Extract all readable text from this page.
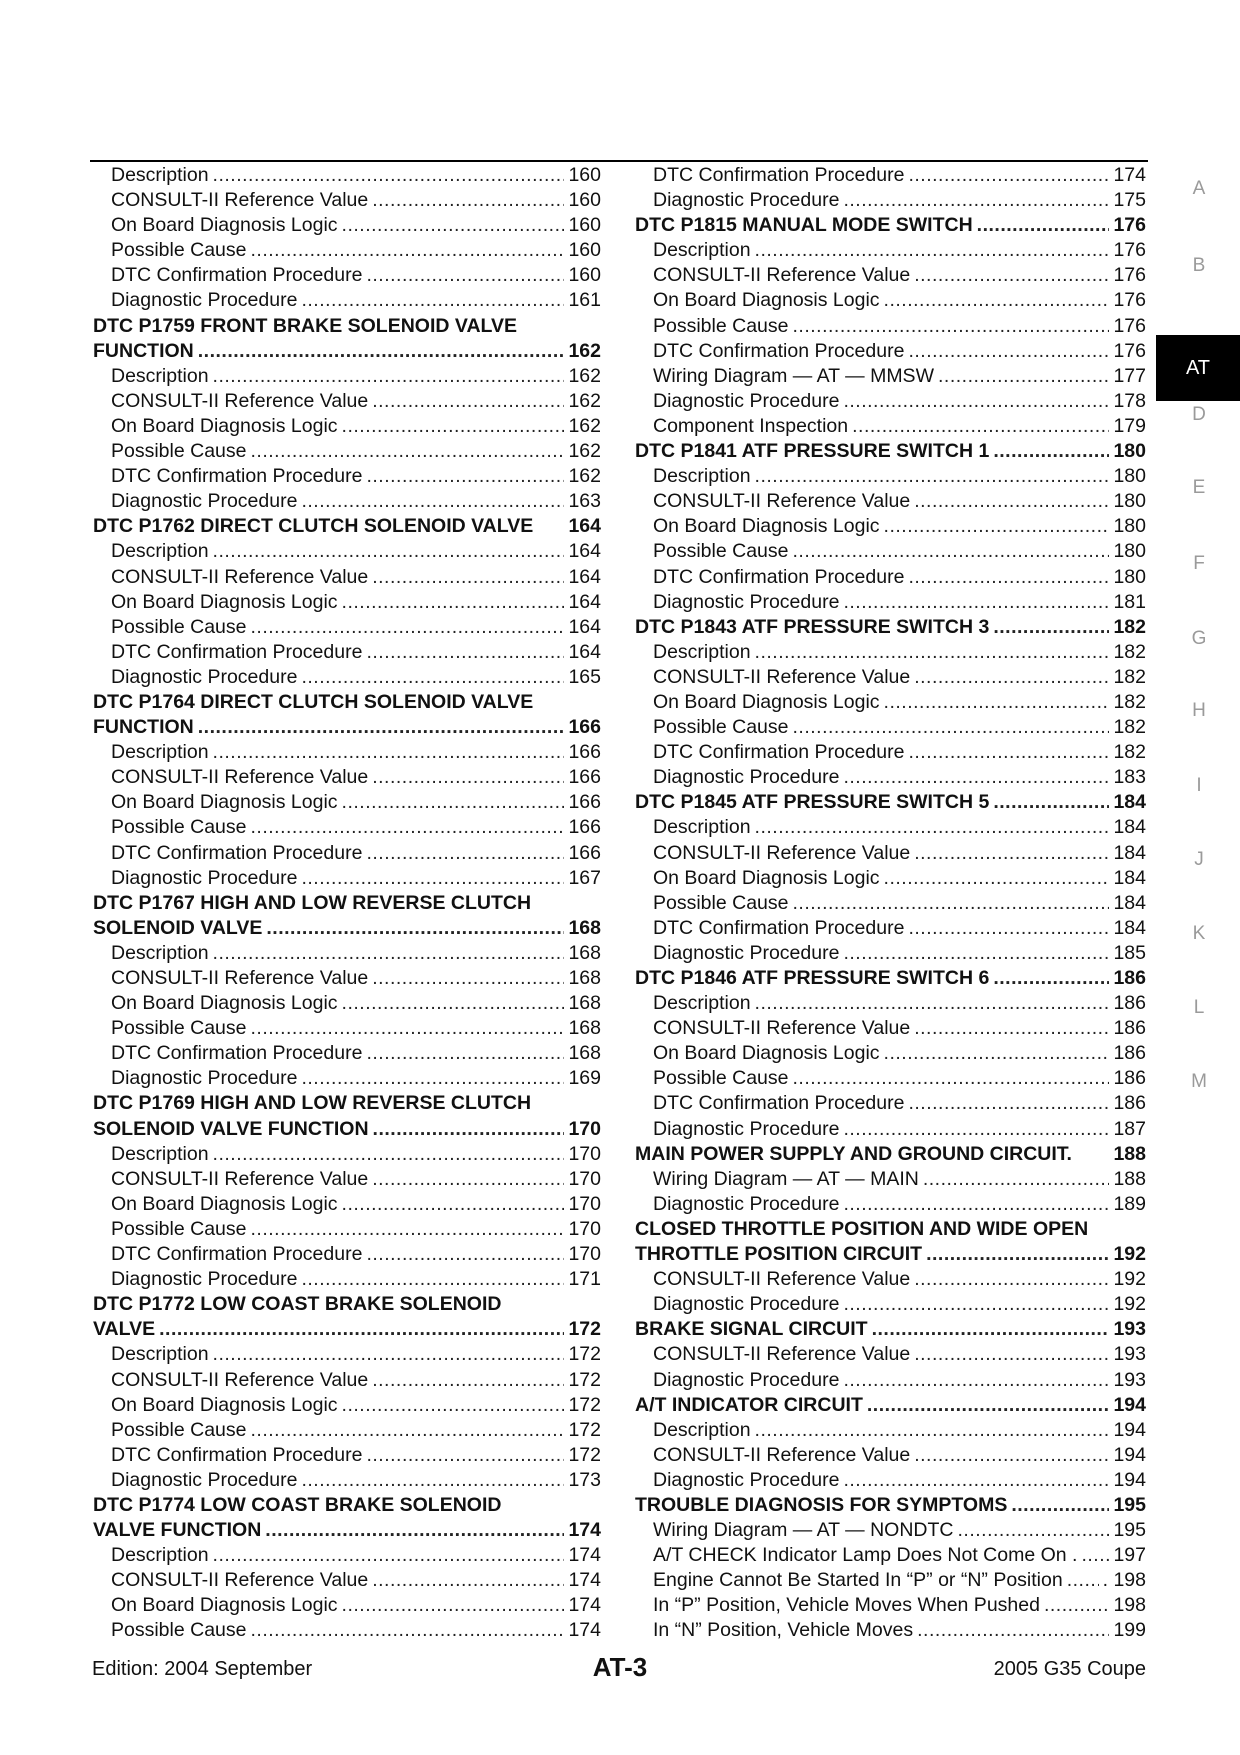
Description .....	160
CONSULT-II Reference Value .....	160
On Board Diagnosis Logic .....	160
Possible Cause .....	160
DTC Confirmation Procedure .....	160
Diagnostic Procedure .....	161
DTC P1759 FRONT BRAKE SOLENOID VALVE
FUNCTION .....	162
Description .....	162
CONSULT-II Reference Value .....	162
On Board Diagnosis Logic .....	162
Possible Cause .....	162
DTC Confirmation Procedure .....	162
Diagnostic Procedure .....	163
DTC P1762 DIRECT CLUTCH SOLENOID VALVE 164
Description .....	164
CONSULT-II Reference Value .....	164
On Board Diagnosis Logic .....	164
Possible Cause .....	164
DTC Confirmation Procedure .....	164
Diagnostic Procedure .....	165
DTC P1764 DIRECT CLUTCH SOLENOID VALVE
FUNCTION .....	166
Description .....	166
CONSULT-II Reference Value .....	166
On Board Diagnosis Logic .....	166
Possible Cause .....	166
DTC Confirmation Procedure .....	166
Diagnostic Procedure .....	167
DTC P1767 HIGH AND LOW REVERSE CLUTCH
SOLENOID VALVE .....	168
Description .....	168
CONSULT-II Reference Value .....	168
On Board Diagnosis Logic .....	168
Possible Cause .....	168
DTC Confirmation Procedure .....	168
Diagnostic Procedure .....	169
DTC P1769 HIGH AND LOW REVERSE CLUTCH
SOLENOID VALVE FUNCTION .....	170
Description .....	170
CONSULT-II Reference Value .....	170
On Board Diagnosis Logic .....	170
Possible Cause .....	170
DTC Confirmation Procedure .....	170
Diagnostic Procedure .....	171
DTC P1772 LOW COAST BRAKE SOLENOID
VALVE .....	172
Description .....	172
CONSULT-II Reference Value .....	172
On Board Diagnosis Logic .....	172
Possible Cause .....	172
DTC Confirmation Procedure .....	172
Diagnostic Procedure .....	173
DTC P1774 LOW COAST BRAKE SOLENOID
VALVE FUNCTION .....	174
Description .....	174
CONSULT-II Reference Value .....	174
On Board Diagnosis Logic .....	174
Possible Cause .....	174
DTC Confirmation Procedure .....	174
Diagnostic Procedure .....	175
DTC P1815 MANUAL MODE SWITCH .....	176
Description .....	176
CONSULT-II Reference Value .....	176
On Board Diagnosis Logic .....	176
Possible Cause .....	176
DTC Confirmation Procedure .....	176
Wiring Diagram — AT — MMSW .....	177
Diagnostic Procedure .....	178
Component Inspection .....	179
DTC P1841 ATF PRESSURE SWITCH 1 .....	180
Description .....	180
CONSULT-II Reference Value .....	180
On Board Diagnosis Logic .....	180
Possible Cause .....	180
DTC Confirmation Procedure .....	180
Diagnostic Procedure .....	181
DTC P1843 ATF PRESSURE SWITCH 3 .....	182
Description .....	182
CONSULT-II Reference Value .....	182
On Board Diagnosis Logic .....	182
Possible Cause .....	182
DTC Confirmation Procedure .....	182
Diagnostic Procedure .....	183
DTC P1845 ATF PRESSURE SWITCH 5 .....	184
Description .....	184
CONSULT-II Reference Value .....	184
On Board Diagnosis Logic .....	184
Possible Cause .....	184
DTC Confirmation Procedure .....	184
Diagnostic Procedure .....	185
DTC P1846 ATF PRESSURE SWITCH 6 .....	186
Description .....	186
CONSULT-II Reference Value .....	186
On Board Diagnosis Logic .....	186
Possible Cause .....	186
DTC Confirmation Procedure .....	186
Diagnostic Procedure .....	187
MAIN POWER SUPPLY AND GROUND CIRCUIT. 188
Wiring Diagram — AT — MAIN .....	188
Diagnostic Procedure .....	189
CLOSED THROTTLE POSITION AND WIDE OPEN
THROTTLE POSITION CIRCUIT .....	192
CONSULT-II Reference Value .....	192
Diagnostic Procedure .....	192
BRAKE SIGNAL CIRCUIT .....	193
CONSULT-II Reference Value .....	193
Diagnostic Procedure .....	193
A/T INDICATOR CIRCUIT .....	194
Description .....	194
CONSULT-II Reference Value .....	194
Diagnostic Procedure .....	194
TROUBLE DIAGNOSIS FOR SYMPTOMS .....	195
Wiring Diagram — AT — NONDTC .....	195
A/T CHECK Indicator Lamp Does Not Come On . ..... 197
Engine Cannot Be Started In “P” or “N” Position ..... . 198
In “P” Position, Vehicle Moves When Pushed .....	198
In “N” Position, Vehicle Moves .....	199
A
B
AT
D
E
F
G
H
I
J
K
L
M
Edition: 2004 September	AT-3	2005 G35 Coupe
